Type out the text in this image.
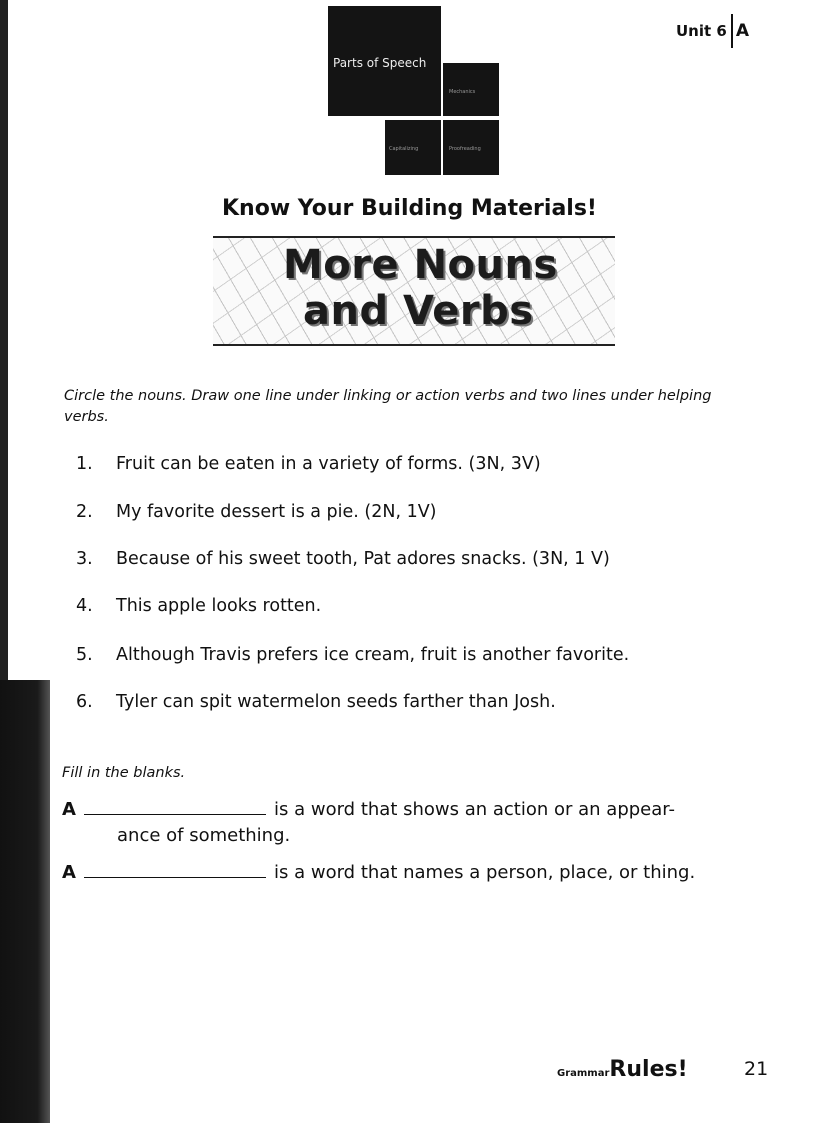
Unit 6 A
Parts of Speech
Mechanics
Capitalizing	Proofreading
Know Your Building Materials!
More Nouns
and Verbs
Circle the nouns. Draw one line under linking or action verbs and two lines under helping verbs.
1. Fruit can be eaten in a variety of forms. (3N, 3V)
2. My favorite dessert is a pie. (2N, 1V)
3. Because of his sweet tooth, Pat adores snacks. (3N, 1 V)
4. This apple looks rotten.
5. Although Travis prefers ice cream, fruit is another favorite.
6. Tyler can spit watermelon seeds farther than Josh.
Fill in the blanks.
A	is a word that shows an action or an appear-
ance of something.
A	is a word that names a person, place, or thing.
GrammarRules!	21
